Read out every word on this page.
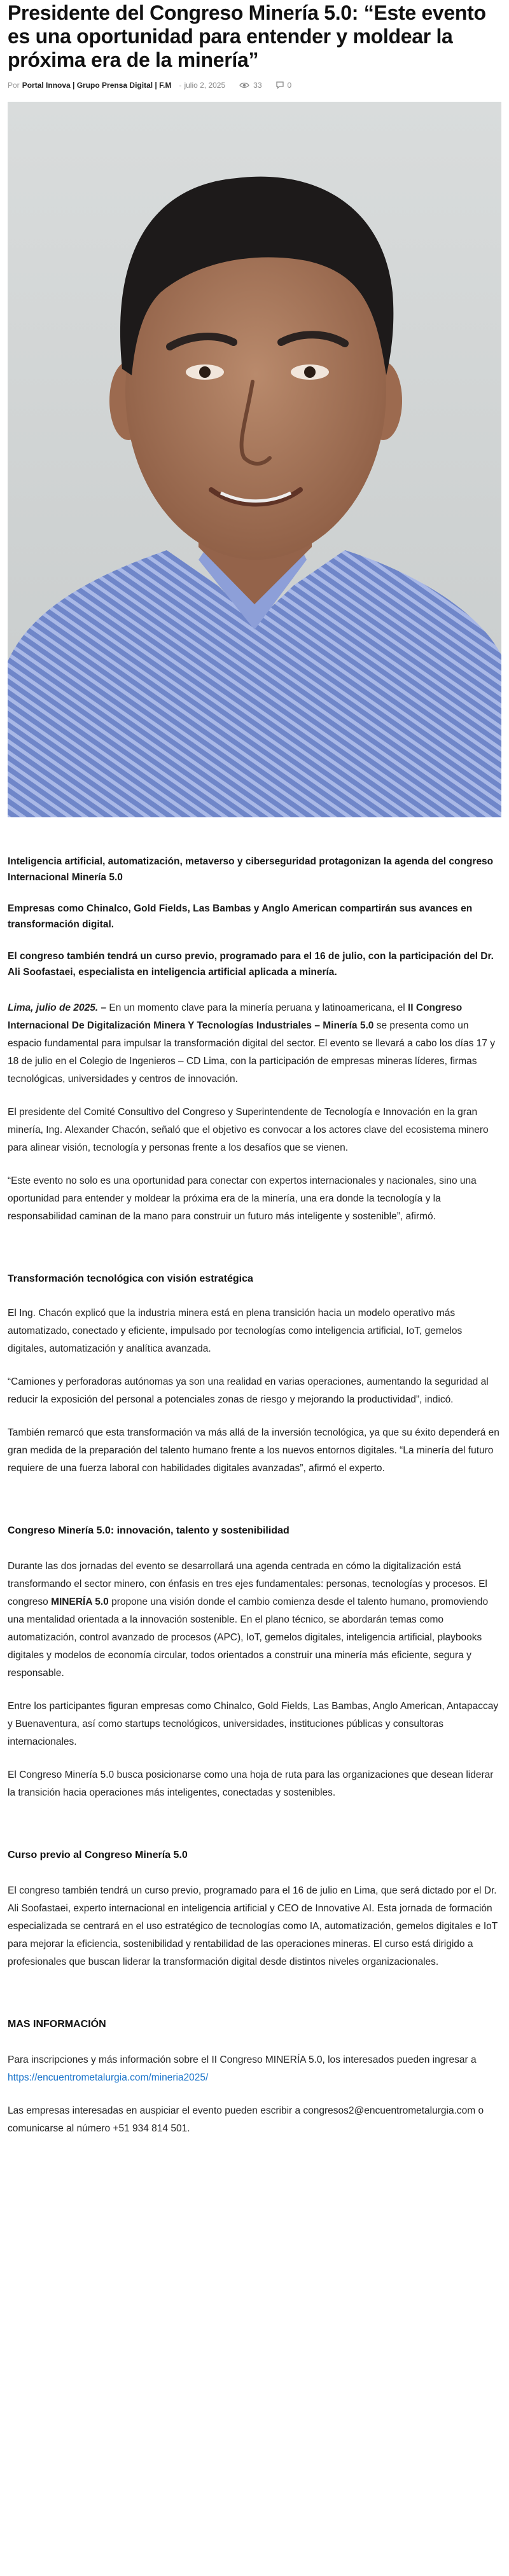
Presidente del Congreso Minería 5.0: “Este evento es una oportunidad para entender y moldear la próxima era de la minería”
Por Portal Innova | Grupo Prensa Digital | F.M - julio 2, 2025	33	0

Inteligencia artificial, automatización, metaverso y ciberseguridad protagonizan la agenda del congreso Internacional Minería 5.0

Empresas como Chinalco, Gold Fields, Las Bambas y Anglo American compartirán sus avances en transformación digital.

El congreso también tendrá un curso previo, programado para el 16 de julio, con la participación del Dr. Ali Soofastaei, especialista en inteligencia artificial aplicada a minería.

Lima, julio de 2025. – En un momento clave para la minería peruana y latinoamericana, el II Congreso Internacional De Digitalización Minera Y Tecnologías Industriales – Minería 5.0 se presenta como un espacio fundamental para impulsar la transformación digital del sector. El evento se llevará a cabo los días 17 y 18 de julio en el Colegio de Ingenieros – CD Lima, con la participación de empresas mineras líderes, firmas tecnológicas, universidades y centros de innovación.

El presidente del Comité Consultivo del Congreso y Superintendente de Tecnología e Innovación en la gran minería, Ing. Alexander Chacón, señaló que el objetivo es convocar a los actores clave del ecosistema minero para alinear visión, tecnología y personas frente a los desafíos que se vienen.

“Este evento no solo es una oportunidad para conectar con expertos internacionales y nacionales, sino una oportunidad para entender y moldear la próxima era de la minería, una era donde la tecnología y la responsabilidad caminan de la mano para construir un futuro más inteligente y sostenible”, afirmó.

Transformación tecnológica con visión estratégica

El Ing. Chacón explicó que la industria minera está en plena transición hacia un modelo operativo más automatizado, conectado y eficiente, impulsado por tecnologías como inteligencia artificial, IoT, gemelos digitales, automatización y analítica avanzada.

“Camiones y perforadoras autónomas ya son una realidad en varias operaciones, aumentando la seguridad al reducir la exposición del personal a potenciales zonas de riesgo y mejorando la productividad”, indicó.

También remarcó que esta transformación va más allá de la inversión tecnológica, ya que su éxito dependerá en gran medida de la preparación del talento humano frente a los nuevos entornos digitales. “La minería del futuro requiere de una fuerza laboral con habilidades digitales avanzadas”, afirmó el experto.

Congreso Minería 5.0: innovación, talento y sostenibilidad

Durante las dos jornadas del evento se desarrollará una agenda centrada en cómo la digitalización está transformando el sector minero, con énfasis en tres ejes fundamentales: personas, tecnologías y procesos. El congreso MINERÍA 5.0 propone una visión donde el cambio comienza desde el talento humano, promoviendo una mentalidad orientada a la innovación sostenible. En el plano técnico, se abordarán temas como automatización, control avanzado de procesos (APC), IoT, gemelos digitales, inteligencia artificial, playbooks digitales y modelos de economía circular, todos orientados a construir una minería más eficiente, segura y responsable.

Entre los participantes figuran empresas como Chinalco, Gold Fields, Las Bambas, Anglo American, Antapaccay y Buenaventura, así como startups tecnológicos, universidades, instituciones públicas y consultoras internacionales.

El Congreso Minería 5.0 busca posicionarse como una hoja de ruta para las organizaciones que desean liderar la transición hacia operaciones más inteligentes, conectadas y sostenibles.

Curso previo al Congreso Minería 5.0

El congreso también tendrá un curso previo, programado para el 16 de julio en Lima, que será dictado por el Dr. Ali Soofastaei, experto internacional en inteligencia artificial y CEO de Innovative AI. Esta jornada de formación especializada se centrará en el uso estratégico de tecnologías como IA, automatización, gemelos digitales e IoT para mejorar la eficiencia, sostenibilidad y rentabilidad de las operaciones mineras. El curso está dirigido a profesionales que buscan liderar la transformación digital desde distintos niveles organizacionales.

MAS INFORMACIÓN

Para inscripciones y más información sobre el II Congreso MINERÍA 5.0, los interesados pueden ingresar a https://encuentrometalurgia.com/mineria2025/

Las empresas interesadas en auspiciar el evento pueden escribir a congresos2@encuentrometalurgia.com o comunicarse al número +51 934 814 501.
